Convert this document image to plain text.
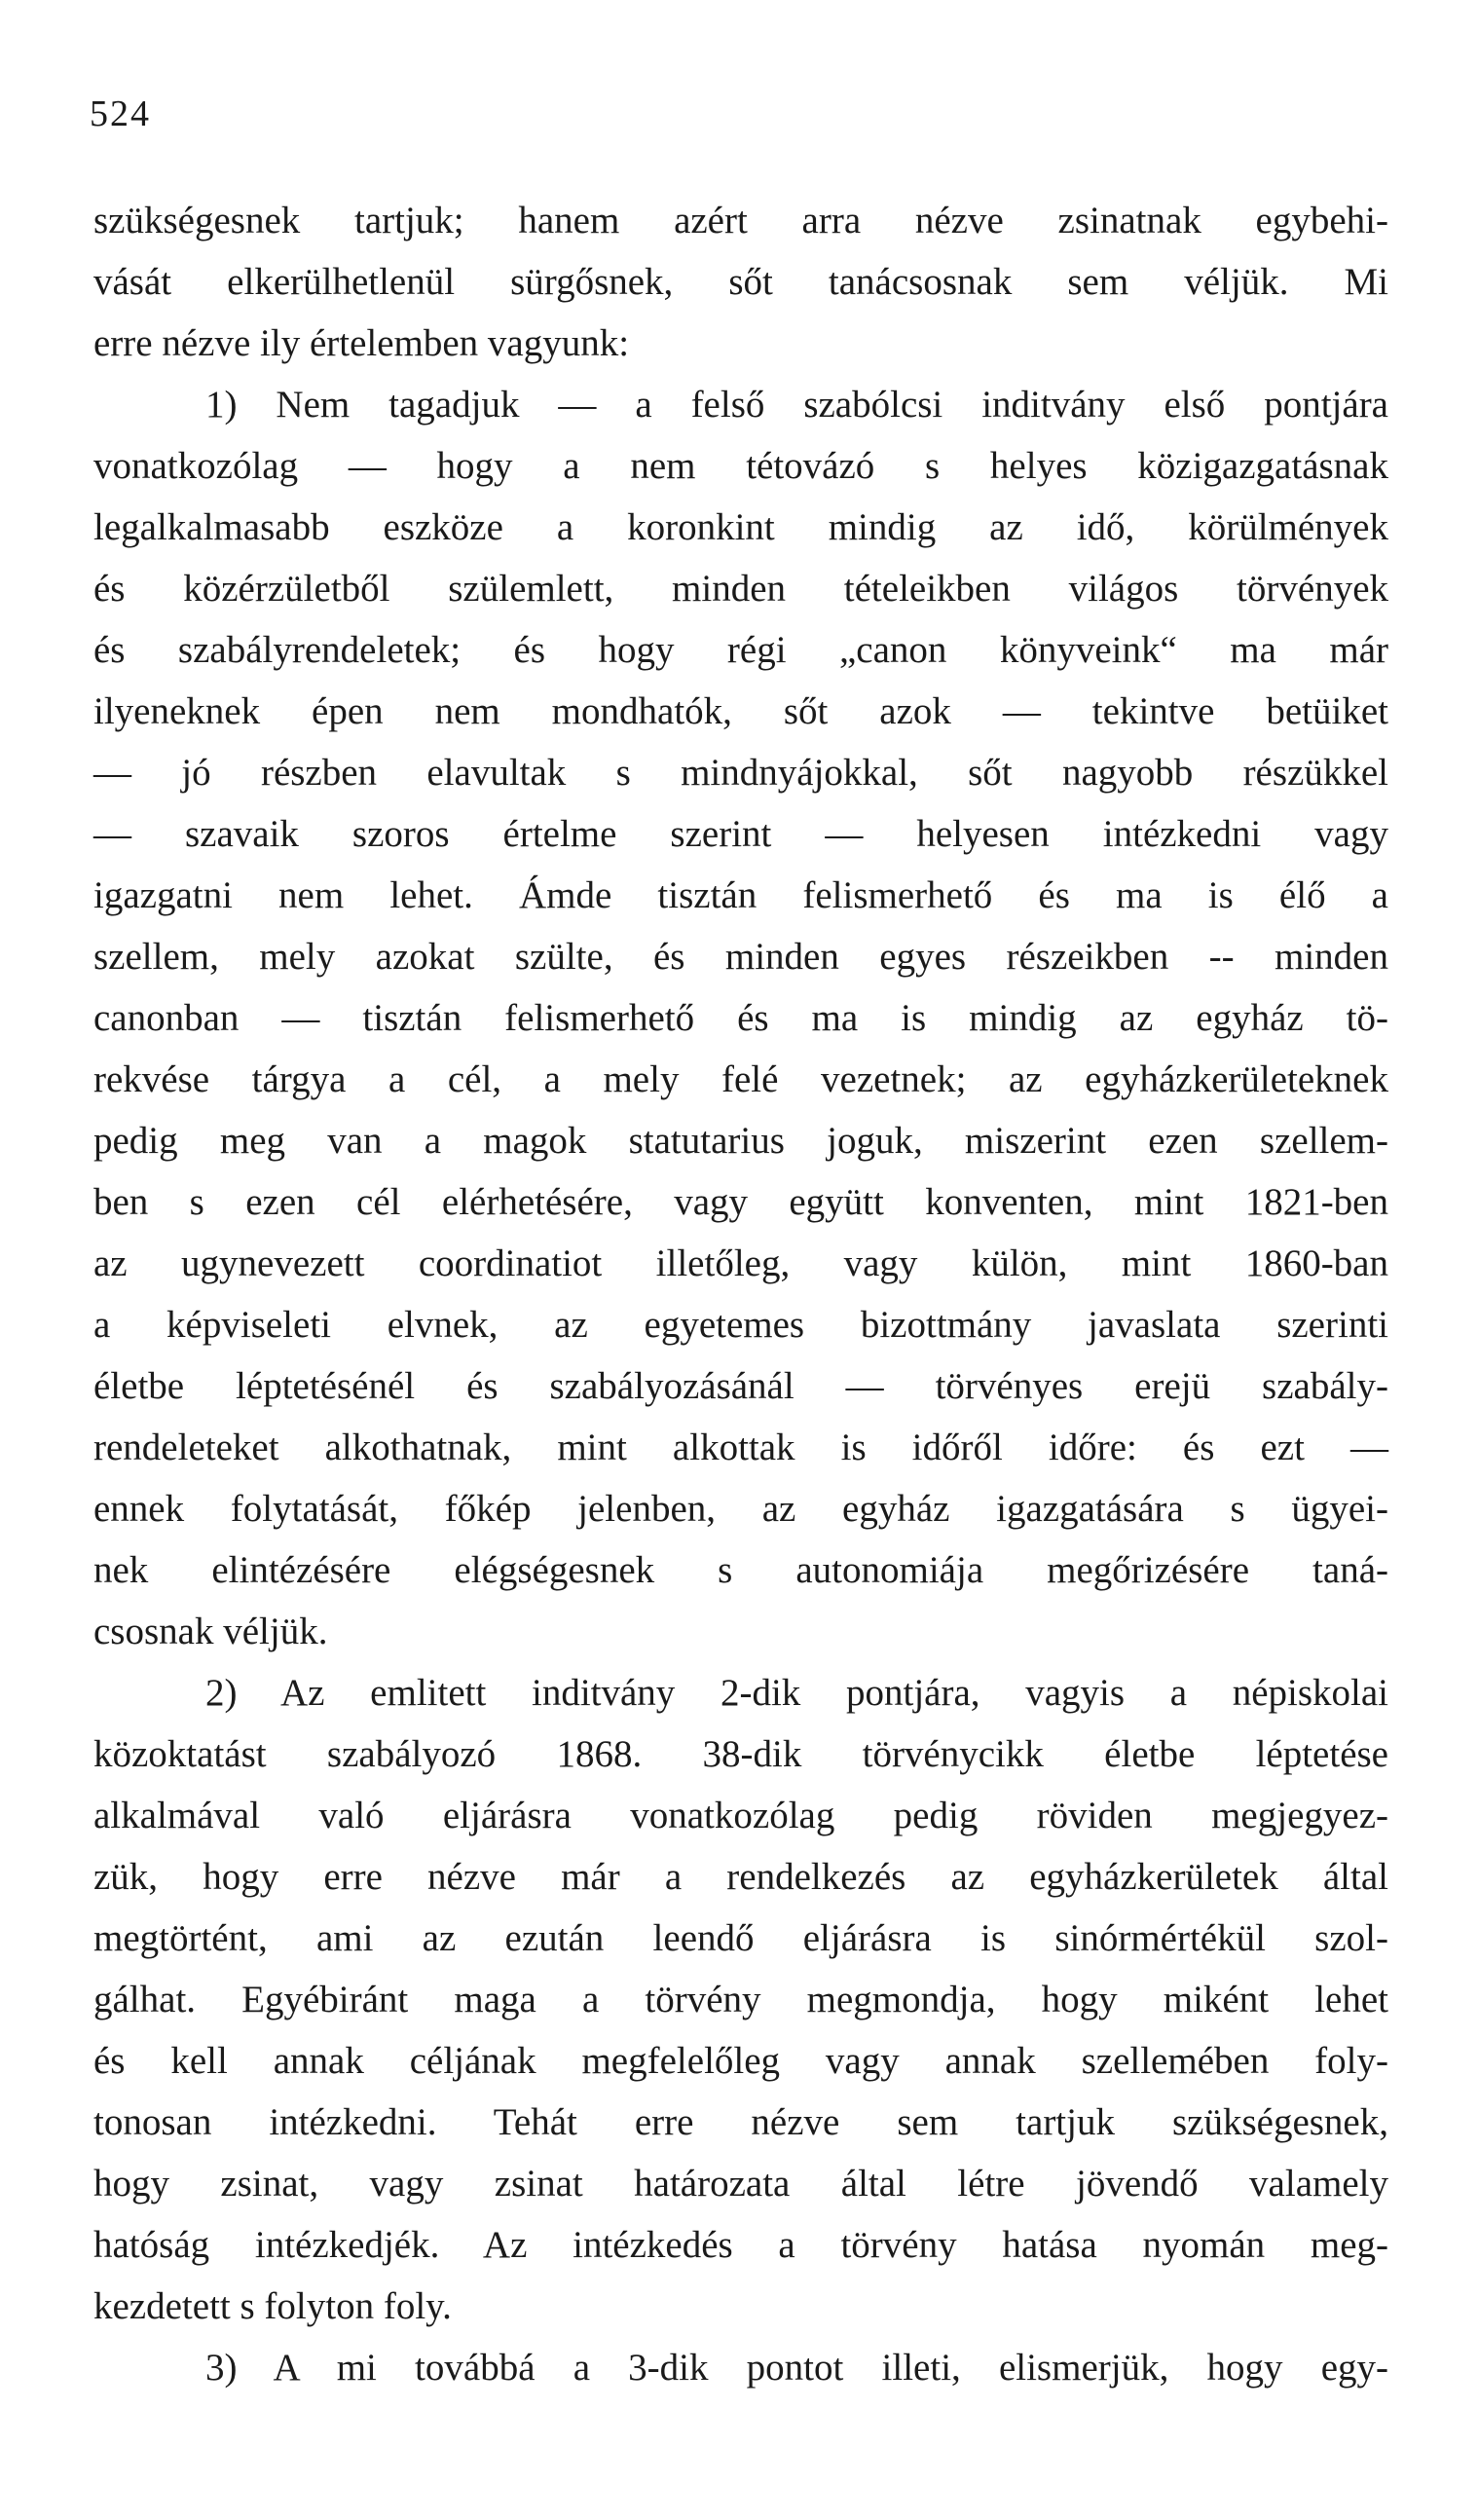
524
szükségesnek tartjuk; hanem azért arra nézve zsinatnak egybehi-
vását elkerülhetlenül sürgősnek, sőt tanácsosnak sem véljük. Mi
erre nézve ily értelemben vagyunk:
1) Nem tagadjuk — a felső szabólcsi inditvány első pontjára
vonatkozólag — hogy a nem tétovázó s helyes közigazgatásnak
legalkalmasabb eszköze a koronkint mindig az idő, körülmények
és közérzületből szülemlett, minden tételeikben világos törvények
és szabályrendeletek; és hogy régi „canon könyveink“ ma már
ilyeneknek épen nem mondhatók, sőt azok — tekintve betüiket
— jó részben elavultak s mindnyájokkal, sőt nagyobb részükkel
— szavaik szoros értelme szerint — helyesen intézkedni vagy
igazgatni nem lehet. Ámde tisztán felismerhető és ma is élő a
szellem, mely azokat szülte, és minden egyes részeikben -- minden
canonban — tisztán felismerhető és ma is mindig az egyház tö-
rekvése tárgya a cél, a mely felé vezetnek; az egyházkerületeknek
pedig meg van a magok statutarius joguk, miszerint ezen szellem-
ben s ezen cél elérhetésére, vagy együtt konventen, mint 1821-ben
az ugynevezett coordinatiot illetőleg, vagy külön, mint 1860-ban
a képviseleti elvnek, az egyetemes bizottmány javaslata szerinti
életbe léptetésénél és szabályozásánál — törvényes erejü szabály-
rendeleteket alkothatnak, mint alkottak is időről időre: és ezt —
ennek folytatását, főkép jelenben, az egyház igazgatására s ügyei-
nek elintézésére elégségesnek s autonomiája megőrizésére taná-
csosnak véljük.
2) Az emlitett inditvány 2-dik pontjára, vagyis a népiskolai
közoktatást szabályozó 1868. 38-dik törvénycikk életbe léptetése
alkalmával való eljárásra vonatkozólag pedig röviden megjegyez-
zük, hogy erre nézve már a rendelkezés az egyházkerületek által
megtörtént, ami az ezután leendő eljárásra is sinórmértékül szol-
gálhat. Egyébiránt maga a törvény megmondja, hogy miként lehet
és kell annak céljának megfelelőleg vagy annak szellemében foly-
tonosan intézkedni. Tehát erre nézve sem tartjuk szükségesnek,
hogy zsinat, vagy zsinat határozata által létre jövendő valamely
hatóság intézkedjék. Az intézkedés a törvény hatása nyomán meg-
kezdetett s folyton foly.
3) A mi továbbá a 3-dik pontot illeti, elismerjük, hogy egy-
